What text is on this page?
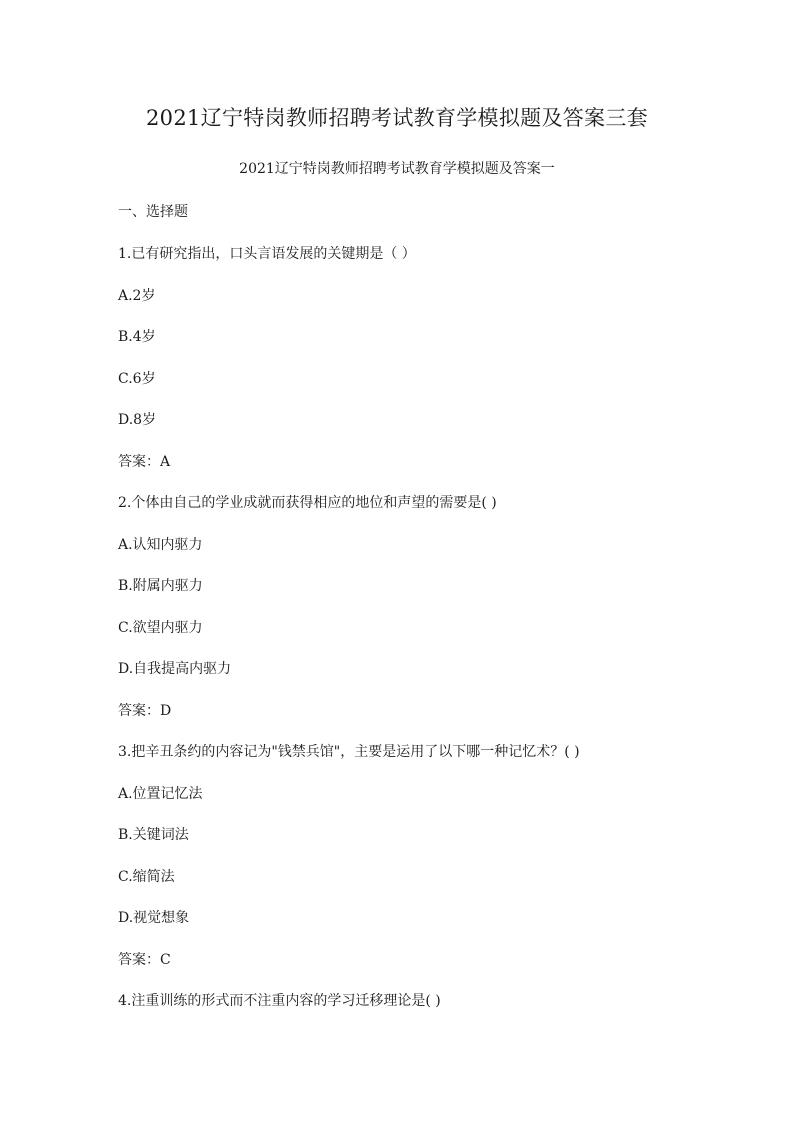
2021辽宁特岗教师招聘考试教育学模拟题及答案三套
2021辽宁特岗教师招聘考试教育学模拟题及答案一
一、选择题
1.已有研究指出，口头言语发展的关键期是（ ）
A.2岁
B.4岁
C.6岁
D.8岁
答案：A
2.个体由自己的学业成就而获得相应的地位和声望的需要是( )
A.认知内驱力
B.附属内驱力
C.欲望内驱力
D.自我提高内驱力
答案：D
3.把辛丑条约的内容记为"钱禁兵馆"，主要是运用了以下哪一种记忆术？( )
A.位置记忆法
B.关键词法
C.缩简法
D.视觉想象
答案：C
4.注重训练的形式而不注重内容的学习迁移理论是( )
